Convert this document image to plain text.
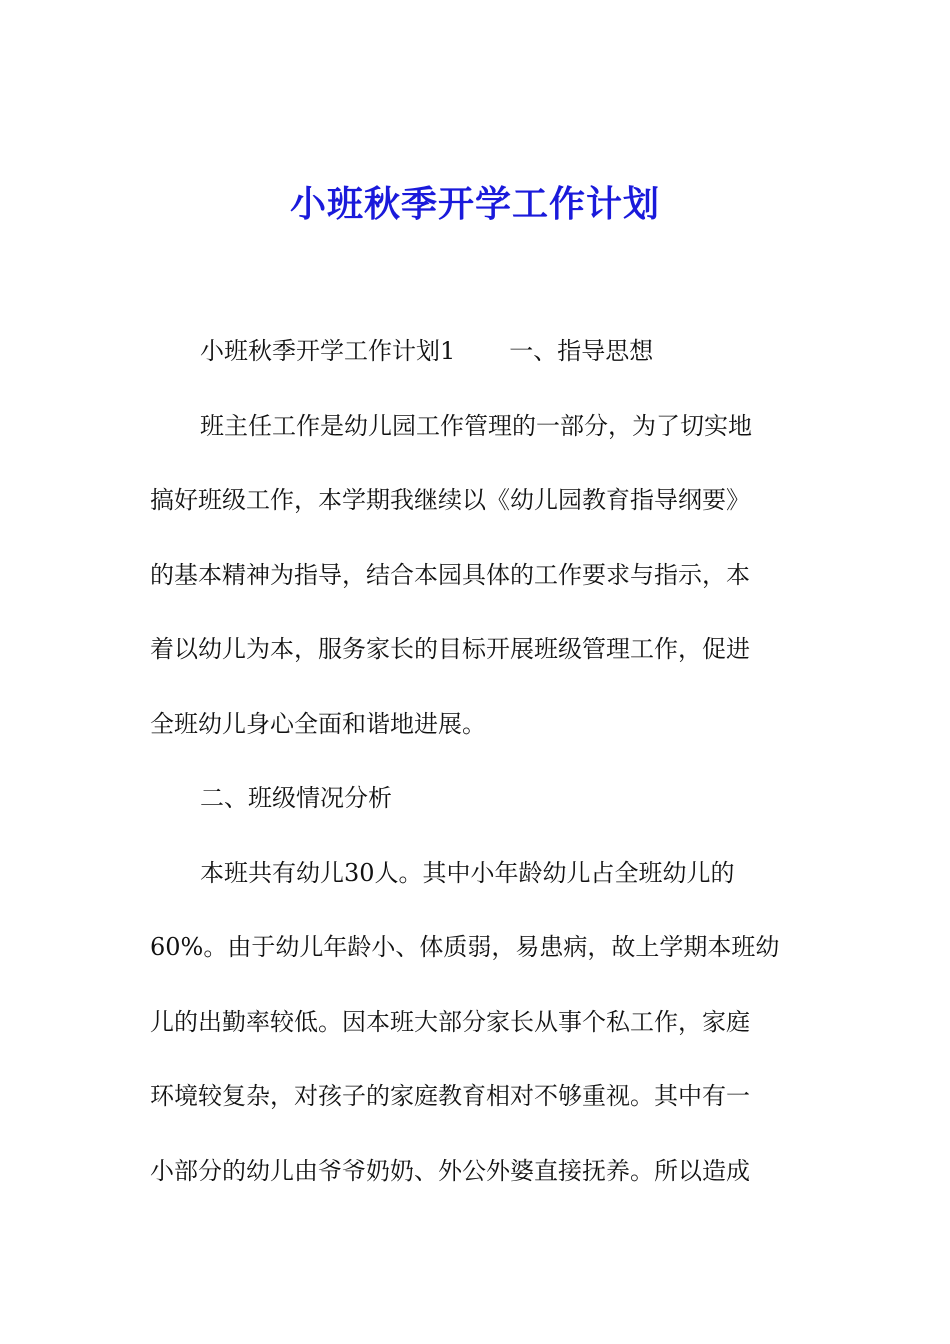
小班秋季开学工作计划
小班秋季开学工作计划1 一、指导思想
班主任工作是幼儿园工作管理的一部分，为了切实地
搞好班级工作，本学期我继续以《幼儿园教育指导纲要》
的基本精神为指导，结合本园具体的工作要求与指示，本
着以幼儿为本，服务家长的目标开展班级管理工作，促进
全班幼儿身心全面和谐地进展。
二、班级情况分析
本班共有幼儿30人。其中小年龄幼儿占全班幼儿的
60%。由于幼儿年龄小、体质弱，易患病，故上学期本班幼
儿的出勤率较低。因本班大部分家长从事个私工作，家庭
环境较复杂，对孩子的家庭教育相对不够重视。其中有一
小部分的幼儿由爷爷奶奶、外公外婆直接抚养。所以造成
